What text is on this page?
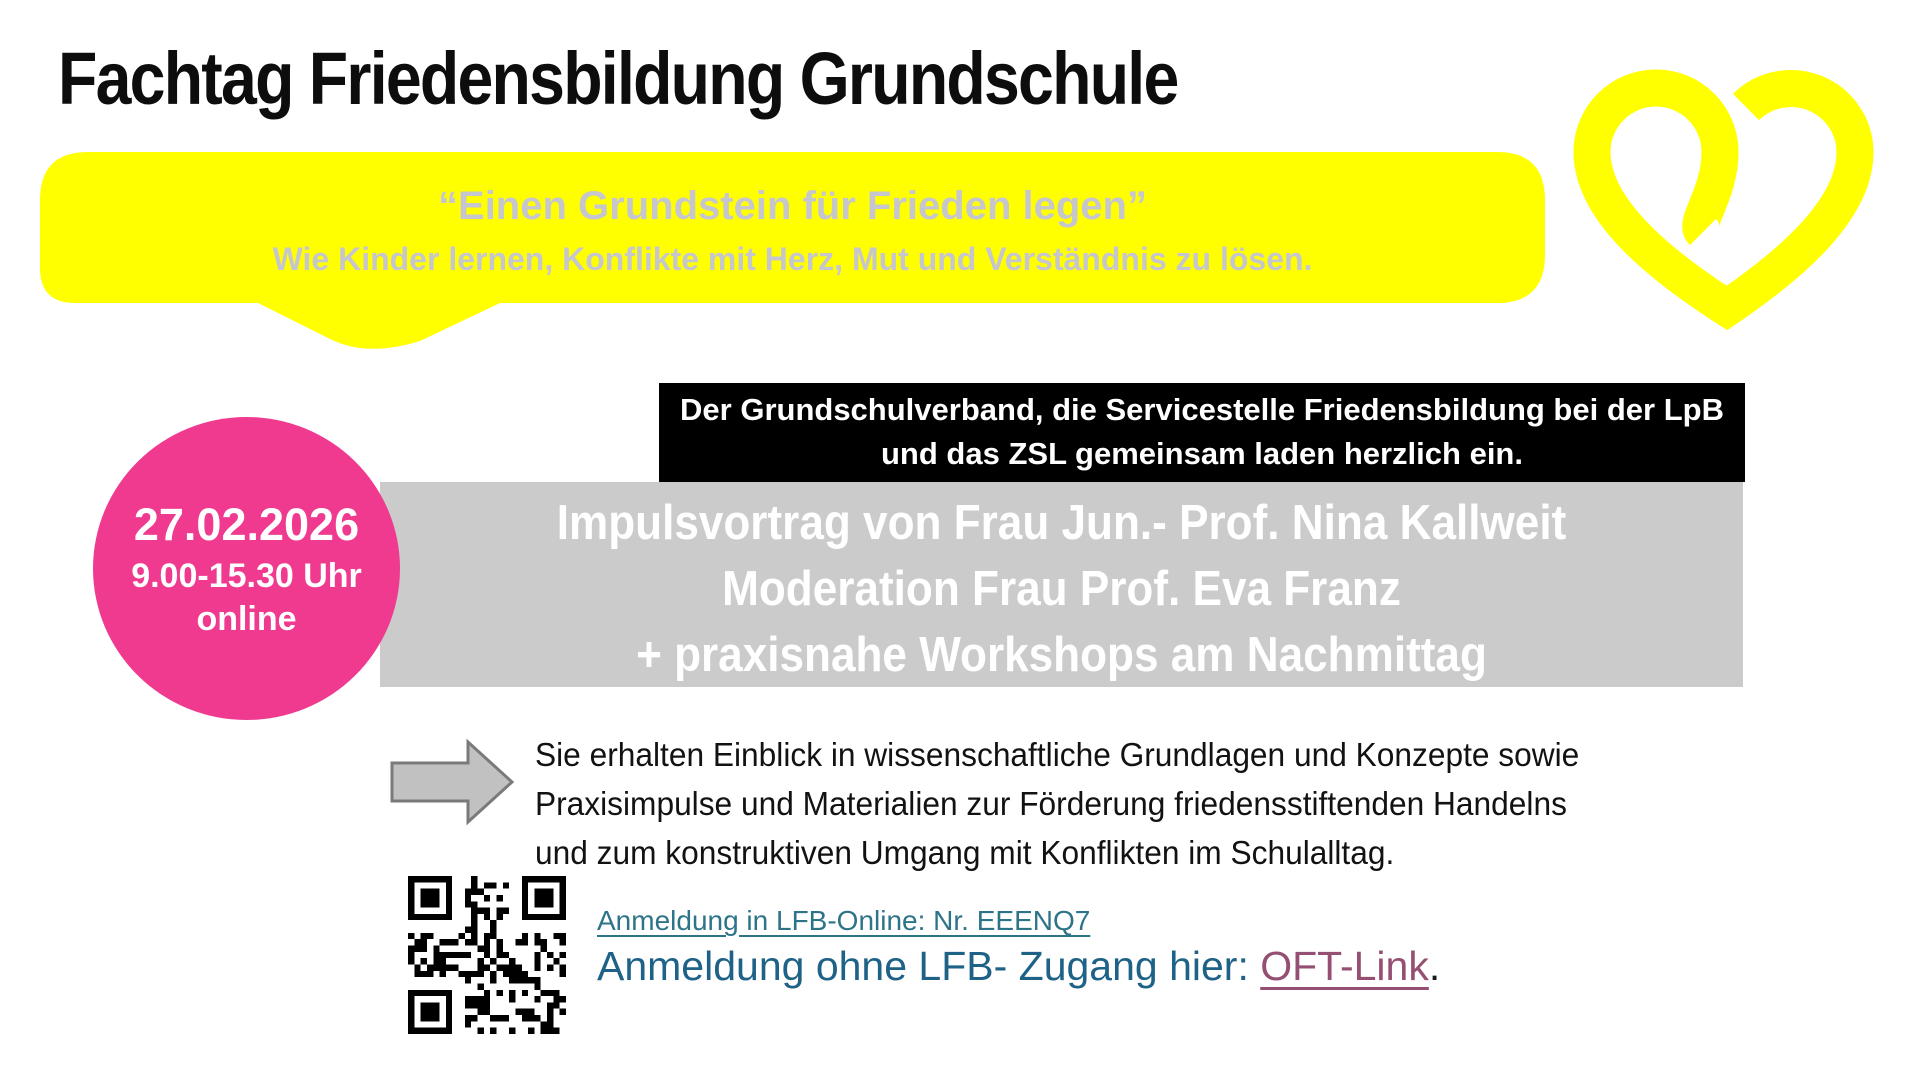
Fachtag Friedensbildung Grundschule
“Einen Grundstein für Frieden legen”
Wie Kinder lernen, Konflikte mit Herz, Mut und Verständnis zu lösen.
Der Grundschulverband, die Servicestelle Friedensbildung bei der LpB
und das ZSL gemeinsam laden herzlich ein.
Impulsvortrag von Frau Jun.- Prof. Nina Kallweit
Moderation Frau Prof. Eva Franz
+ praxisnahe Workshops am Nachmittag
27.02.2026
9.00-15.30 Uhr
online
Sie erhalten Einblick in wissenschaftliche Grundlagen und Konzepte sowie
Praxisimpulse und Materialien zur Förderung friedensstiftenden Handelns
und zum konstruktiven Umgang mit Konflikten im Schulalltag.
Anmeldung in LFB-Online: Nr. EEENQ7
Anmeldung ohne LFB- Zugang hier: OFT-Link.
